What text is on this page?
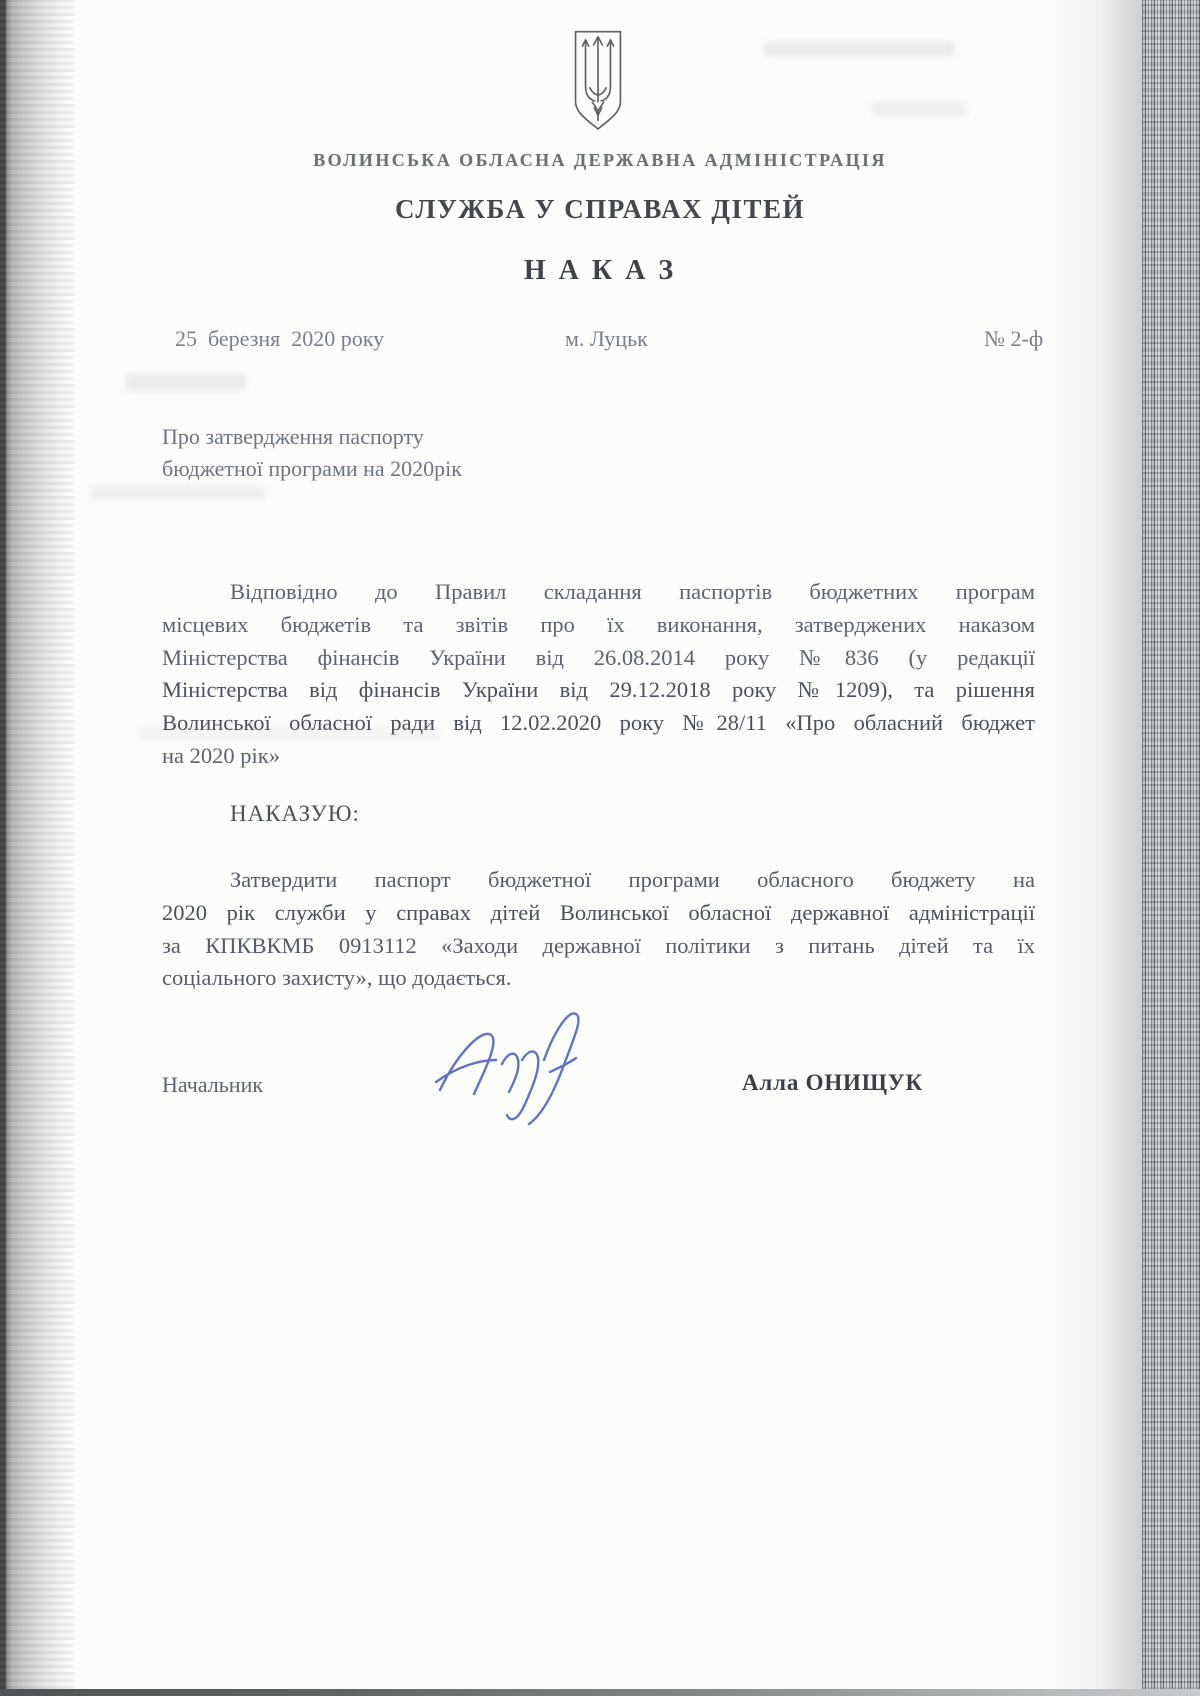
ВОЛИНСЬКА ОБЛАСНА ДЕРЖАВНА АДМІНІСТРАЦІЯ
СЛУЖБА У СПРАВАХ ДІТЕЙ
Н А К А З
25  березня  2020 року	м. Луцьк	№ 2-ф
Про затвердження паспорту
бюджетної програми на 2020рік
Відповідно до Правил складання паспортів бюджетних програм
місцевих бюджетів та звітів про їх виконання, затверджених наказом
Міністерства фінансів України від 26.08.2014 року №836 (у редакції
Міністерства від фінансів України від 29.12.2018 року №1209), та рішення
Волинської обласної ради від 12.02.2020 року №28/11 «Про обласний бюджет
на 2020 рік»
НАКАЗУЮ:
Затвердити паспорт бюджетної програми обласного бюджету на
2020 рік служби у справах дітей Волинської обласної державної адміністрації
за КПКВКМБ 0913112 «Заходи державної політики з питань дітей та їх
соціального захисту», що додається.
Начальник	Алла ОНИЩУК
